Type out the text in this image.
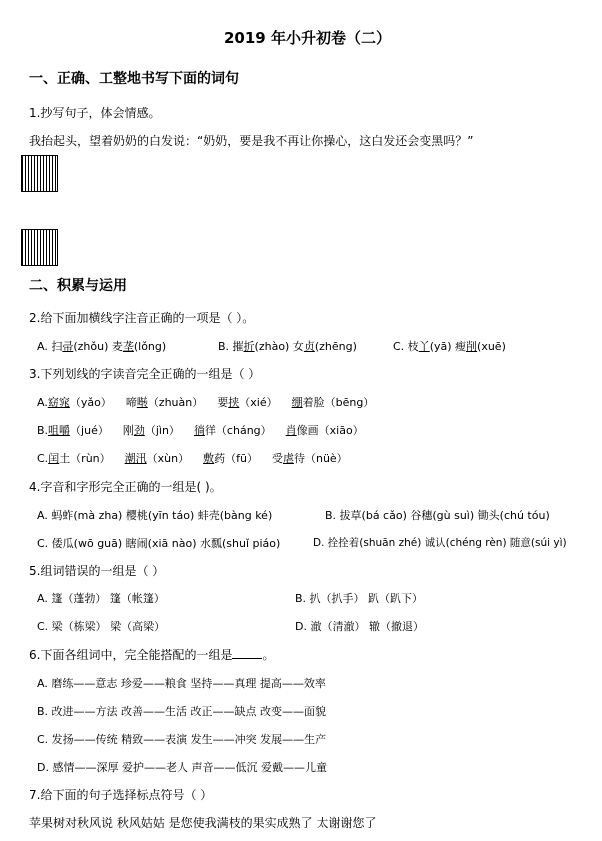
2019 年小升初卷（二）
一、正确、工整地书写下面的词句
1.抄写句子，体会情感。
我抬起头，望着奶奶的白发说：“奶奶，要是我不再让你操心，这白发还会变黑吗？”
二、积累与运用
2.给下面加横线字注音正确的一项是（ ）。
A. 扫帚(zhǒu) 麦垄(lǒng)	B. 摧折(zhào) 女贞(zhēng)	C. 枝丫(yā) 瘦削(xuē)
3.下列划线的字读音完全正确的一组是（ ）
A.窈窕（yǎo） 啼啭（zhuàn） 要挟（xié） 绷着脸（bēng）
B.咀嚼（jué） 刚劲（jìn） 徜徉（cháng） 肖像画（xiāo）
C.闰土（rùn） 潮汛（xùn） 敷药（fū） 受虐待（nüè）
4.字音和字形完全正确的一组是( )。
A. 蚂蚱(mà zha) 樱桃(yīn táo) 蚌壳(bàng ké)	B. 拔草(bá cǎo) 谷穗(gù suì) 锄头(chú tóu)
C. 倭瓜(wō guā) 瞎闹(xiā nào) 水瓢(shuǐ piáo)	D. 拴拴着(shuān zhé) 诚认(chéng rèn) 随意(súi yì)
5.组词错误的一组是（ ）
A. 篷（蓬勃） 篷（帐篷）	B. 扒（扒手） 趴（趴下）
C. 梁（栋梁） 梁（高梁）	D. 澈（清澈） 辙（撤退）
6.下面各组词中，完全能搭配的一组是	。
A. 磨练——意志 珍爱——粮食 坚持——真理 提高——效率
B. 改进——方法 改善——生活 改正——缺点 改变——面貌
C. 发扬——传统 精致——表演 发生——冲突 发展——生产
D. 感情——深厚 爱护——老人 声音——低沉 爱戴——儿童
7.给下面的句子选择标点符号（ ）
苹果树对秋风说 秋风姑姑 是您使我满枝的果实成熟了 太谢谢您了
